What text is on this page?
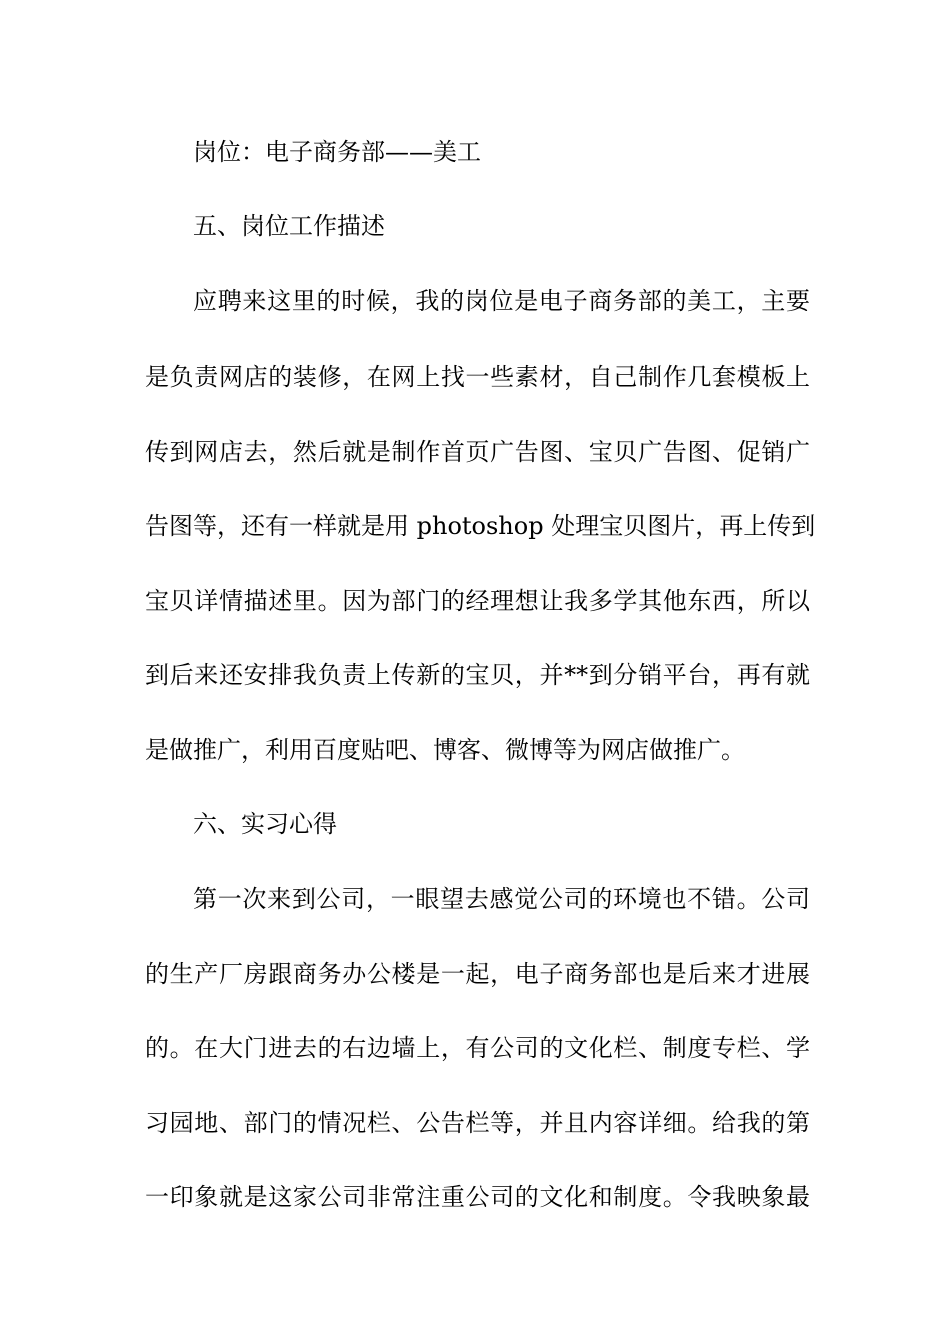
岗位：电子商务部——美工
五、岗位工作描述
应聘来这里的时候，我的岗位是电子商务部的美工，主要
是负责网店的装修，在网上找一些素材，自己制作几套模板上
传到网店去，然后就是制作首页广告图、宝贝广告图、促销广
告图等，还有一样就是用 photoshop 处理宝贝图片，再上传到
宝贝详情描述里。因为部门的经理想让我多学其他东西，所以
到后来还安排我负责上传新的宝贝，并**到分销平台，再有就
是做推广，利用百度贴吧、博客、微博等为网店做推广。
六、实习心得
第一次来到公司，一眼望去感觉公司的环境也不错。公司
的生产厂房跟商务办公楼是一起，电子商务部也是后来才进展
的。在大门进去的右边墙上，有公司的文化栏、制度专栏、学
习园地、部门的情况栏、公告栏等，并且内容详细。给我的第
一印象就是这家公司非常注重公司的文化和制度。令我映象最
